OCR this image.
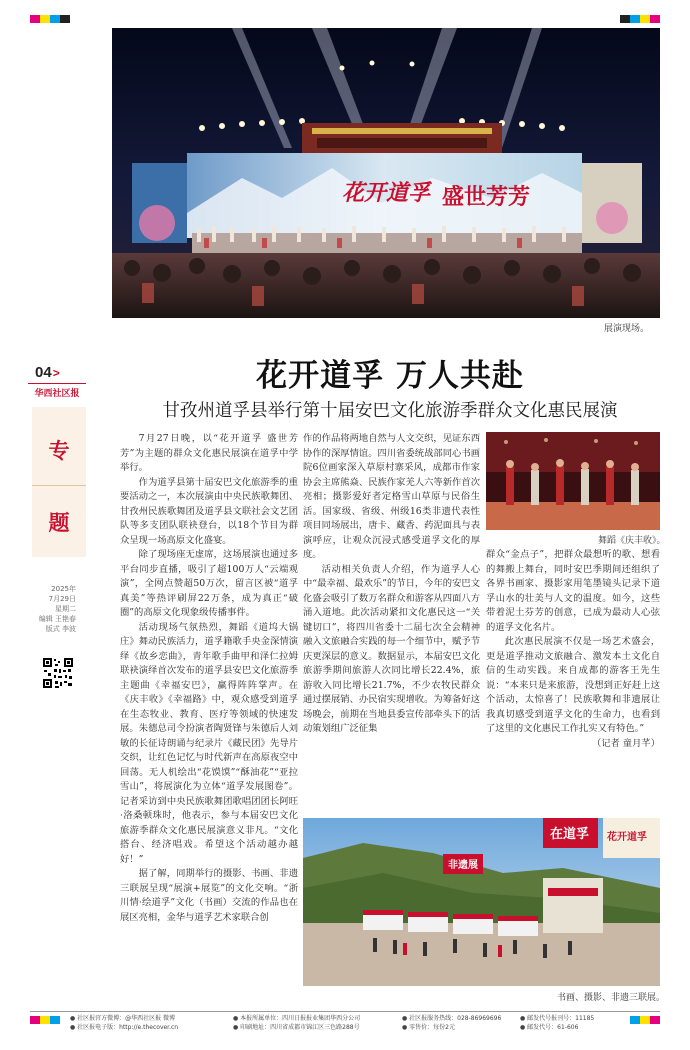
花开道孚 盛世芳芳
展演现场。
04>
华西社区报
专
题
2025年
7月29日
星期二
编辑 王艳春
版式 李波
花开道孚 万人共赴
甘孜州道孚县举行第十届安巴文化旅游季群众文化惠民展演

7月27日晚，以“花开道孚 盛世芳芳”为主题的群众文化惠民展演在道孚中学举行。

作为道孚县第十届安巴文化旅游季的重要活动之一，本次展演由中央民族歌舞团、甘孜州民族歌舞团及道孚县文联社会文艺团队等多支团队联袂登台，以18个节目为群众呈现一场高原文化盛宴。

除了现场座无虚席，这场展演也通过多平台同步直播，吸引了超100万人“云端观演”，全网点赞超50万次，留言区被“道孚真美”等热评刷屏22万条，成为真正“破圈”的高原文化现象级传播事件。

活动现场气氛热烈，舞蹈《道坞大锅庄》舞动民族活力，道孚籍歌手央金深情演绎《故乡恋曲》，青年歌手曲甲和泽仁拉姆联袂演绎首次发布的道孚县安巴文化旅游季主题曲《幸福安巴》，赢得阵阵掌声。在《庆丰收》《幸福路》中，观众感受到道孚在生态牧业、教育、医疗等领域的快速发展。朱德总司令扮演者陶贤锋与朱德后人刘敏的长征诗朗诵与纪录片《藏民团》先导片交织，让红色记忆与时代新声在高原夜空中回荡。无人机绘出“花馍馍”“酥油花”“亚拉雪山”，将展演化为立体“道孚发展图卷”。记者采访到中央民族歌舞团歌唱团团长阿旺·洛桑顿珠时，他表示，参与本届安巴文化旅游季群众文化惠民展演意义非凡。“文化搭台、经济唱戏。希望这个活动越办越好！”

据了解，同期举行的摄影、书画、非遗三联展呈现“展演+展览”的文化交响。“浙川情·绘道孚”文化（书画）交流的作品也在展区亮相，金华与道孚艺术家联合创

作的作品将两地自然与人文交织，见证东西协作的深厚情谊。四川省委统战部同心书画院6位画家深入草原村寨采风，成都市作家协会主席熊焱、民族作家羌人六等新作首次亮相；摄影爱好者定格雪山草原与民俗生活。国家级、省级、州级16类非遗代表性项目同场展出，唐卡、藏香、药泥面具与表演呼应，让观众沉浸式感受道孚文化的厚度。

活动相关负责人介绍，作为道孚人心中“最幸福、最欢乐”的节日，今年的安巴文化盛会吸引了数万名群众和游客从四面八方涌入道地。此次活动紧扣文化惠民这一“关键切口”，将四川省委十二届七次全会精神融入文旅融合实践的每一个细节中，赋予节庆更深层的意义。数据显示，本届安巴文化旅游季期间旅游人次同比增长22.4%，旅游收入同比增长21.7%，不少农牧民群众通过摆展销、办民宿实现增收。为筹备好这场晚会，前期在当地县委宣传部牵头下的活动策划组广泛征集

舞蹈《庆丰收》。

群众“金点子”，把群众最想听的歌、想看的舞搬上舞台，同时安巴季期间还组织了各界书画家、摄影家用笔墨镜头记录下道孚山水的壮美与人文的温度。如今，这些带着泥土芬芳的创意，已成为最动人心弦的道孚文化名片。

此次惠民展演不仅是一场艺术盛会，更是道孚推动文旅融合、激发本土文化自信的生动实践。来自成都的游客王先生说：“本来只是来旅游，没想到正好赶上这个活动，太惊喜了！民族歌舞和非遗展让我真切感受到道孚文化的生命力，也看到了这里的文化惠民工作扎实又有特色。”

（记者 童月芊）

在道孚 花开道孚
非遗展
书画、摄影、非遗三联展。
● 社区报官方微博：@华西社区报 微博
● 社区报电子版：http://e.thecover.cn
● 本报所属单位：四川日报报业集团华西分公司
● 印刷地址：四川省成都市锦江区三色路288号
● 社区报服务热线：028-86969696
● 零售价：每份2元
● 邮发代号报刊号：11185
● 邮发代号：61-606
